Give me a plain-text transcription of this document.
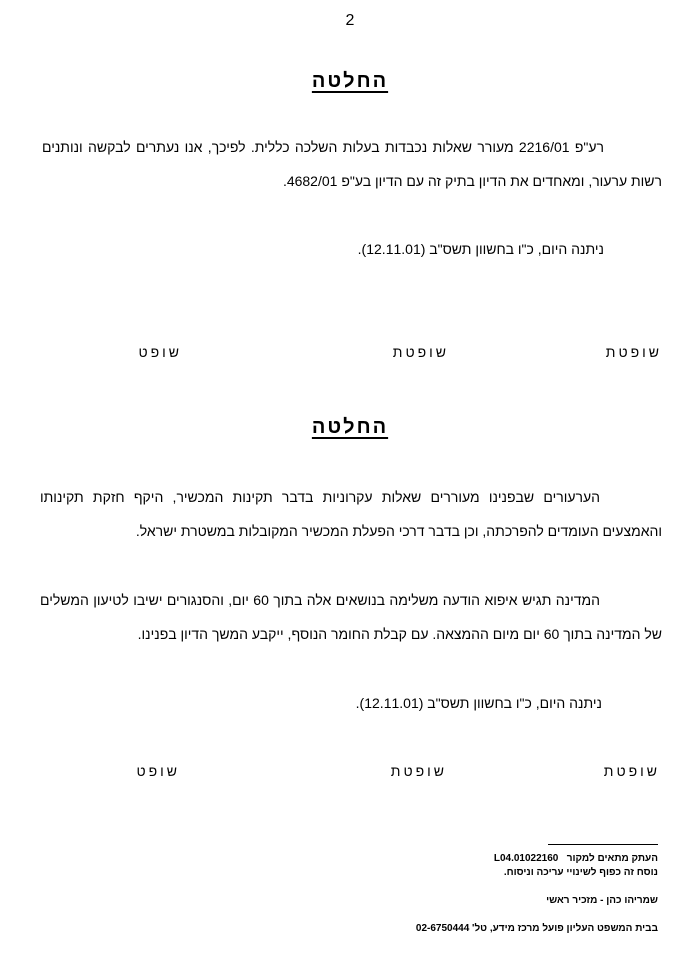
2
החלטה
רע"פ 2216/01 מעורר שאלות נכבדות בעלות השלכה כללית. לפיכך, אנו נעתרים לבקשה ונותנים
רשות ערעור, ומאחדים את הדיון בתיק זה עם הדיון בע"פ 4682/01.
ניתנה היום, כ"ו בחשוון תשס"ב (12.11.01).
שופטת
שופטת
שופט
החלטה
הערעורים שבפנינו מעוררים שאלות עקרוניות בדבר תקינות המכשיר, היקף חזקת תקינותו
והאמצעים העומדים להפרכתה, וכן בדבר דרכי הפעלת המכשיר המקובלות במשטרת ישראל.
המדינה תגיש איפוא הודעה משלימה בנושאים אלה בתוך 60 יום, והסנגורים ישיבו לטיעון המשלים
של המדינה בתוך 60 יום מיום ההמצאה. עם קבלת החומר הנוסף, ייקבע המשך הדיון בפנינו.
ניתנה היום, כ"ו בחשוון תשס"ב (12.11.01).
שופטת
שופטת
שופט
העתק מתאים למקור   L04.01022160
נוסח זה כפוף לשינויי עריכה וניסוח.
שמריהו כהן - מזכיר ראשי
בבית המשפט העליון פועל מרכז מידע, טל' 02-6750444
